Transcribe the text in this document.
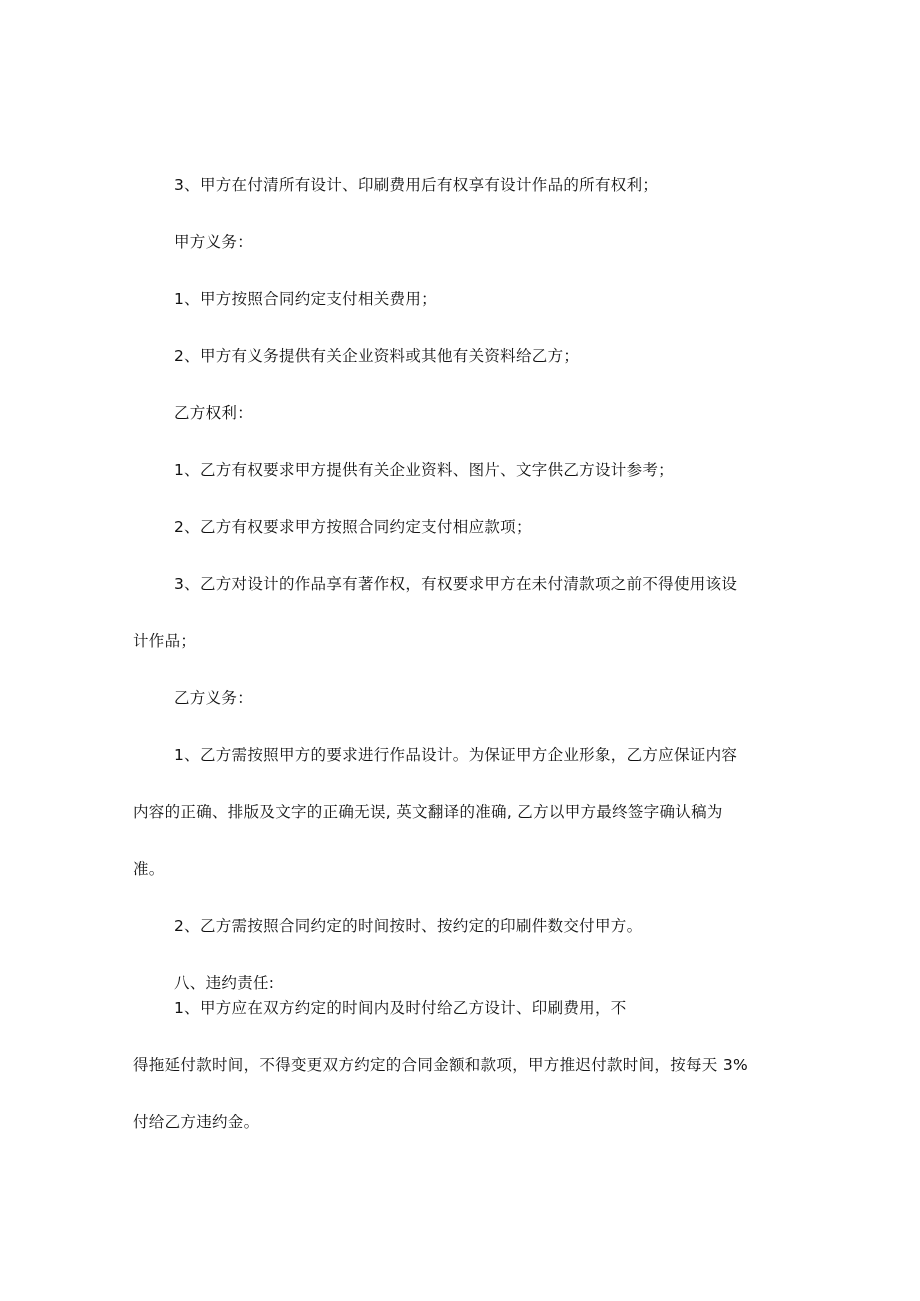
3、甲方在付清所有设计、印刷费用后有权享有设计作品的所有权利；
甲方义务：
1、甲方按照合同约定支付相关费用；
2、甲方有义务提供有关企业资料或其他有关资料给乙方；
乙方权利：
1、乙方有权要求甲方提供有关企业资料、图片、文字供乙方设计参考；
2、乙方有权要求甲方按照合同约定支付相应款项；
3、乙方对设计的作品享有著作权，有权要求甲方在未付清款项之前不得使用该设
计作品；
乙方义务：
1、乙方需按照甲方的要求进行作品设计。为保证甲方企业形象，乙方应保证内容
内容的正确、排版及文字的正确无误, 英文翻译的准确, 乙方以甲方最终签字确认稿为
准。
2、乙方需按照合同约定的时间按时、按约定的印刷件数交付甲方。
八、违约责任:
1、甲方应在双方约定的时间内及时付给乙方设计、印刷费用，不
得拖延付款时间，不得变更双方约定的合同金额和款项，甲方推迟付款时间，按每天 3%
付给乙方违约金。
